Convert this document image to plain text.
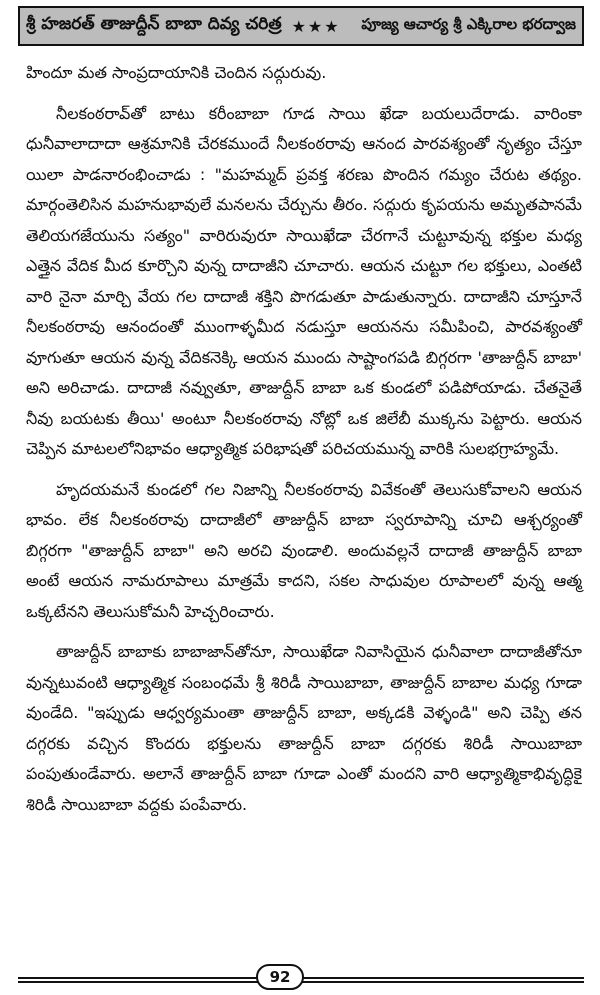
శ్రీ హజరత్ తాజుద్దీన్ బాబా దివ్య చరిత్ర ★★★	పూజ్య ఆచార్య శ్రీ ఎక్కిరాల భరద్వాజ

హిందూ మత సాంప్రదాయానికి చెందిన సద్గురువు.

నీలకంఠరావ్‌తో బాటు కరీంబాబా గూడ సాయి ఖేడా బయలుదేరాడు. వారింకా ధునీవాలాదాదా ఆశ్రమానికి చేరకముందే నీలకంఠరావు ఆనంద పారవశ్యంతో నృత్యం చేస్తూ యిలా పాడనారంభించాడు : "మహమ్మద్ ప్రవక్త శరణు పొందిన గమ్యం చేరుట తథ్యం. మార్గంతెలిసిన మహనుభావులే మనలను చేర్చును తీరం. సద్గురు కృపయను అమృతపానమే తెలియగజేయును సత్యం" వారిరువురూ సాయిఖేడా చేరగానే చుట్టూవున్న భక్తుల మధ్య ఎత్తైన వేదిక మీద కూర్చొని వున్న దాదాజీని చూచారు. ఆయన చుట్టూ గల భక్తులు, ఎంతటి వారి నైనా మార్చి వేయ గల దాదాజీ శక్తిని పొగడుతూ పాడుతున్నారు. దాదాజీని చూస్తూనే నీలకంఠరావు ఆనందంతో ముంగాళ్ళమీద నడుస్తూ ఆయనను సమీపించి, పారవశ్యంతో వూగుతూ ఆయన వున్న వేదికనెక్కి ఆయన ముందు సాష్టాంగపడి బిగ్గరగా 'తాజుద్దీన్ బాబా' అని అరిచాడు. దాదాజీ నవ్వుతూ, తాజుద్దీన్ బాబా ఒక కుండలో పడిపోయాడు. చేతనైతే నీవు బయటకు తీయి' అంటూ నీలకంఠరావు నోట్లో ఒక జిలేబీ ముక్కను పెట్టారు. ఆయన చెప్పిన మాటలలోనిభావం ఆధ్యాత్మిక పరిభాషతో పరిచయమున్న వారికి సులభగ్రాహ్యమే.

హృదయమనే కుండలో గల నిజాన్ని నీలకంఠరావు వివేకంతో తెలుసుకోవాలని ఆయన భావం. లేక నీలకంఠరావు దాదాజీలో తాజుద్దీన్ బాబా స్వరూపాన్ని చూచి ఆశ్చర్యంతో బిగ్గరగా "తాజుద్దీన్ బాబా" అని అరచి వుండాలి. అందువల్లనే దాదాజీ తాజుద్దీన్ బాబా అంటే ఆయన నామరూపాలు మాత్రమే కాదని, సకల సాధువుల రూపాలలో వున్న ఆత్మ ఒక్కటేనని తెలుసుకోమనీ హెచ్చరించారు.

తాజుద్దీన్ బాబాకు బాబాజాన్‌తోనూ, సాయిఖేడా నివాసియైన ధునీవాలా దాదాజీతోనూ వున్నటువంటి ఆధ్యాత్మిక సంబంధమే శ్రీ శిరిడీ సాయిబాబా, తాజుద్దీన్ బాబాల మధ్య గూడా వుండేది. "ఇప్పుడు ఆధ్వర్యమంతా తాజుద్దీన్ బాబా, అక్కడకి వెళ్ళండి" అని చెప్పి తన దగ్గరకు వచ్చిన కొందరు భక్తులను తాజుద్దీన్ బాబా దగ్గరకు శిరిడీ సాయిబాబా పంపుతుండేవారు. అలానే తాజుద్దీన్ బాబా గూడా ఎంతో మందని వారి ఆధ్యాత్మికాభివృద్ధికై శిరిడీ సాయిబాబా వద్దకు పంపేవారు.

92
